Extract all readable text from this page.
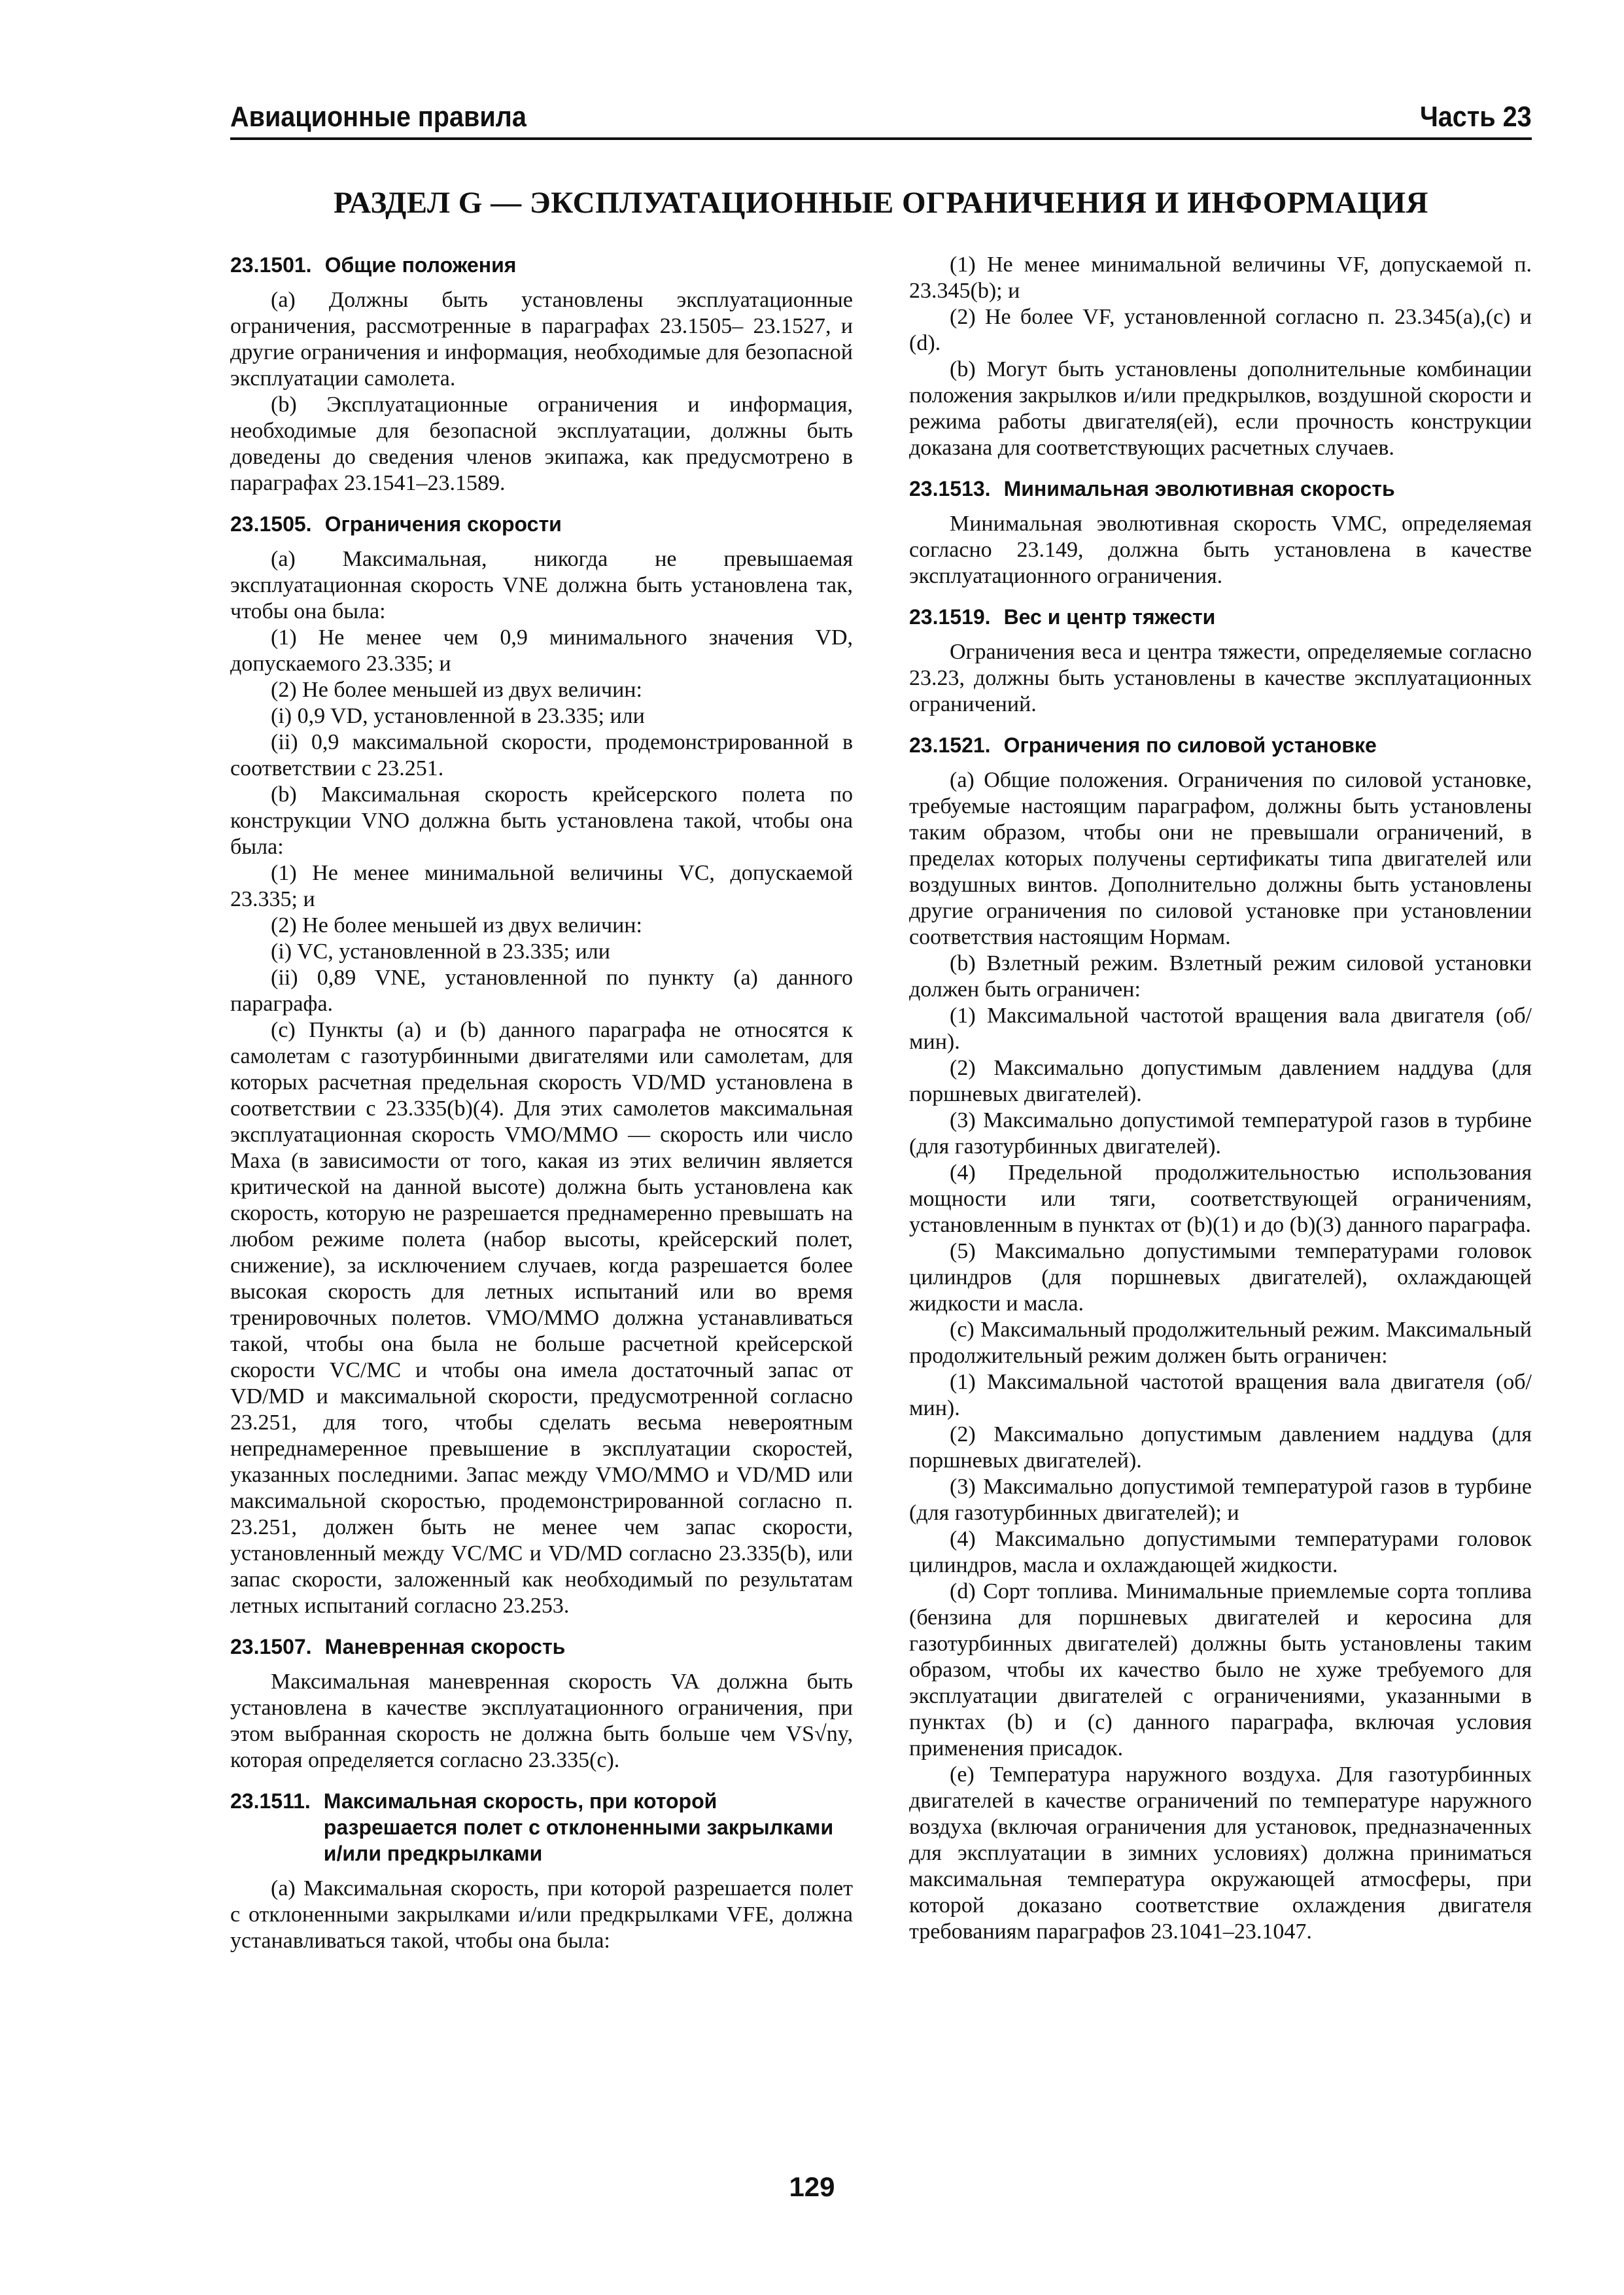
Авиационные правила	Часть 23
РАЗДЕЛ G — ЭКСПЛУАТАЦИОННЫЕ ОГРАНИЧЕНИЯ И ИНФОРМАЦИЯ
23.1501. Общие положения

(a) Должны быть установлены эксплуатационные ограничения, рассмотренные в параграфах 23.1505– 23.1527, и другие ограничения и информация, необходимые для безопасной эксплуатации самолета.

(b) Эксплуатационные ограничения и информация, необходимые для безопасной эксплуатации, должны быть доведены до сведения членов экипажа, как предусмотрено в параграфах 23.1541–23.1589.

23.1505. Ограничения скорости

(a) Максимальная, никогда не превышаемая эксплуатационная скорость VNE должна быть установлена так, чтобы она была:

(1) Не менее чем 0,9 минимального значения VD, допускаемого 23.335; и

(2) Не более меньшей из двух величин:

(i) 0,9 VD, установленной в 23.335; или

(ii) 0,9 максимальной скорости, продемонстрированной в соответствии с 23.251.

(b) Максимальная скорость крейсерского полета по конструкции VNO должна быть установлена такой, чтобы она была:

(1) Не менее минимальной величины VC, допускаемой 23.335; и

(2) Не более меньшей из двух величин:

(i) VC, установленной в 23.335; или

(ii) 0,89 VNE, установленной по пункту (a) данного параграфа.

(c) Пункты (a) и (b) данного параграфа не относятся к самолетам с газотурбинными двигателями или самолетам, для которых расчетная предельная скорость VD/MD установлена в соответствии с 23.335(b)(4). Для этих самолетов максимальная эксплуатационная скорость VMO/MMO — скорость или число Маха (в зависимости от того, какая из этих величин является критической на данной высоте) должна быть установлена как скорость, которую не разрешается преднамеренно превышать на любом режиме полета (набор высоты, крейсерский полет, снижение), за исключением случаев, когда разрешается более высокая скорость для летных испытаний или во время тренировочных полетов. VMO/MMO должна устанавливаться такой, чтобы она была не больше расчетной крейсерской скорости VC/MC и чтобы она имела достаточный запас от VD/MD и максимальной скорости, предусмотренной согласно 23.251, для того, чтобы сделать весьма невероятным непреднамеренное превышение в эксплуатации скоростей, указанных последними. Запас между VMO/MMO и VD/MD или максимальной скоростью, продемонстрированной согласно п. 23.251, должен быть не менее чем запас скорости, установленный между VC/MC и VD/MD согласно 23.335(b), или запас скорости, заложенный как необходимый по результатам летных испытаний согласно 23.253.

23.1507. Маневренная скорость

Максимальная маневренная скорость VA должна быть установлена в качестве эксплуатационного ограничения, при этом выбранная скорость не должна быть больше чем VS√ny, которая определяется согласно 23.335(c).

23.1511. Максимальная скорость, при которой разрешается полет с отклоненными закрылками и/или предкрылками

(a) Максимальная скорость, при которой разрешается полет с отклоненными закрылками и/или предкрылками VFE, должна устанавливаться такой, чтобы она была:

(1) Не менее минимальной величины VF, допускаемой п. 23.345(b); и

(2) Не более VF, установленной согласно п. 23.345(a),(c) и (d).

(b) Могут быть установлены дополнительные комбинации положения закрылков и/или предкрылков, воздушной скорости и режима работы двигателя(ей), если прочность конструкции доказана для соответствующих расчетных случаев.

23.1513. Минимальная эволютивная скорость

Минимальная эволютивная скорость VMC, определяемая согласно 23.149, должна быть установлена в качестве эксплуатационного ограничения.

23.1519. Вес и центр тяжести

Ограничения веса и центра тяжести, определяемые согласно 23.23, должны быть установлены в качестве эксплуатационных ограничений.

23.1521. Ограничения по силовой установке

(a) Общие положения. Ограничения по силовой установке, требуемые настоящим параграфом, должны быть установлены таким образом, чтобы они не превышали ограничений, в пределах которых получены сертификаты типа двигателей или воздушных винтов. Дополнительно должны быть установлены другие ограничения по силовой установке при установлении соответствия настоящим Нормам.

(b) Взлетный режим. Взлетный режим силовой установки должен быть ограничен:

(1) Максимальной частотой вращения вала двигателя (об/мин).

(2) Максимально допустимым давлением наддува (для поршневых двигателей).

(3) Максимально допустимой температурой газов в турбине (для газотурбинных двигателей).

(4) Предельной продолжительностью использования мощности или тяги, соответствующей ограничениям, установленным в пунктах от (b)(1) и до (b)(3) данного параграфа.

(5) Максимально допустимыми температурами головок цилиндров (для поршневых двигателей), охлаждающей жидкости и масла.

(c) Максимальный продолжительный режим. Максимальный продолжительный режим должен быть ограничен:

(1) Максимальной частотой вращения вала двигателя (об/мин).

(2) Максимально допустимым давлением наддува (для поршневых двигателей).

(3) Максимально допустимой температурой газов в турбине (для газотурбинных двигателей); и

(4) Максимально допустимыми температурами головок цилиндров, масла и охлаждающей жидкости.

(d) Сорт топлива. Минимальные приемлемые сорта топлива (бензина для поршневых двигателей и керосина для газотурбинных двигателей) должны быть установлены таким образом, чтобы их качество было не хуже требуемого для эксплуатации двигателей с ограничениями, указанными в пунктах (b) и (c) данного параграфа, включая условия применения присадок.

(e) Температура наружного воздуха. Для газотурбинных двигателей в качестве ограничений по температуре наружного воздуха (включая ограничения для установок, предназначенных для эксплуатации в зимних условиях) должна приниматься максимальная температура окружающей атмосферы, при которой доказано соответствие охлаждения двигателя требованиям параграфов 23.1041–23.1047.

129
